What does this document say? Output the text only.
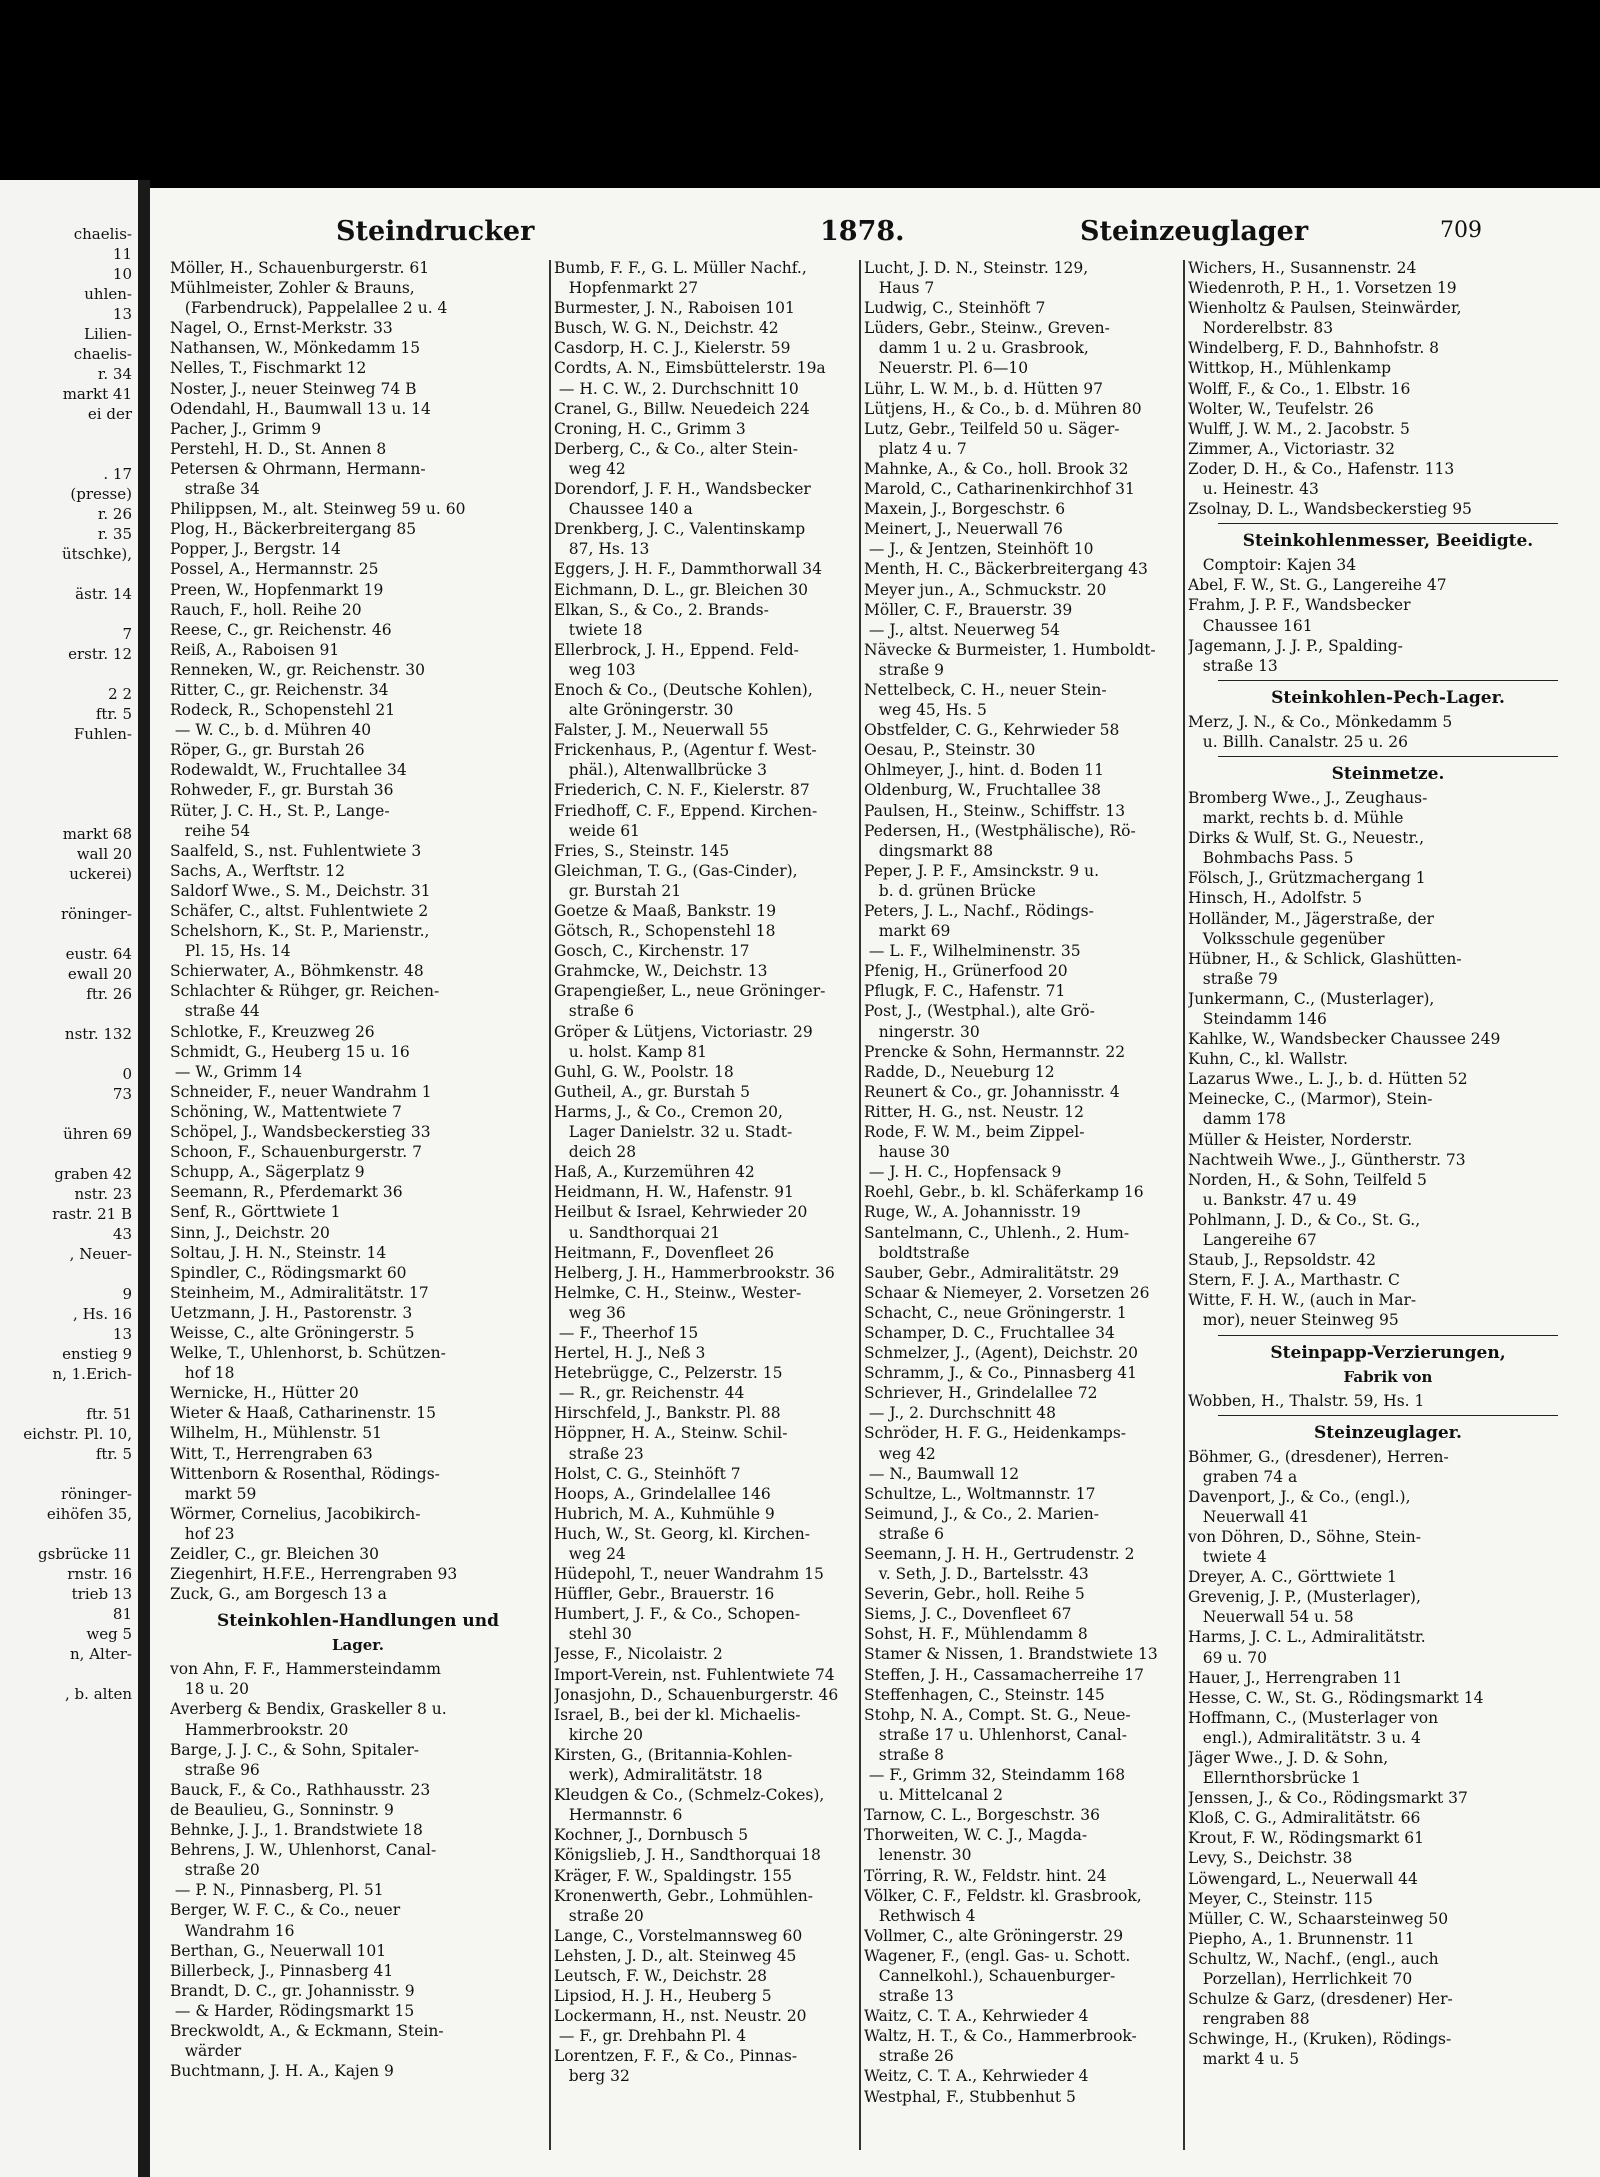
chaelis-
11
10
uhlen-
13
Lilien-
chaelis-
r. 34
markt 41
ei der
. 17
(presse)
r. 26
r. 35
ütschke),
ästr. 14
7
erstr. 12
2 2
ftr. 5
Fuhlen-
markt 68
wall 20
uckerei)
röninger-
eustr. 64
ewall 20
ftr. 26
nstr. 132
0
73
ühren 69
graben 42
nstr. 23
rastr. 21 B
43
, Neuer-
9
, Hs. 16
13
enstieg 9
n, 1.Erich-
ftr. 51
eichstr. Pl. 10,
ftr. 5
röninger-
eihöfen 35,
gsbrücke 11
rnstr. 16
trieb 13
81
weg 5
n, Alter-
, b. alten
Steindrucker	1878.	Steinzeuglager	709
Möller, H., Schauenburgerstr. 61
Mühlmeister, Zohler & Brauns,
(Farbendruck), Pappelallee 2 u. 4
Nagel, O., Ernst-Merkstr. 33
Nathansen, W., Mönkedamm 15
Nelles, T., Fischmarkt 12
Noster, J., neuer Steinweg 74 B
Odendahl, H., Baumwall 13 u. 14
Pacher, J., Grimm 9
Perstehl, H. D., St. Annen 8
Petersen & Ohrmann, Hermann-
straße 34
Philippsen, M., alt. Steinweg 59 u. 60
Plog, H., Bäckerbreitergang 85
Popper, J., Bergstr. 14
Possel, A., Hermannstr. 25
Preen, W., Hopfenmarkt 19
Rauch, F., holl. Reihe 20
Reese, C., gr. Reichenstr. 46
Reiß, A., Raboisen 91
Renneken, W., gr. Reichenstr. 30
Ritter, C., gr. Reichenstr. 34
Rodeck, R., Schopenstehl 21
— W. C., b. d. Mühren 40
Röper, G., gr. Burstah 26
Rodewaldt, W., Fruchtallee 34
Rohweder, F., gr. Burstah 36
Rüter, J. C. H., St. P., Lange-
reihe 54
Saalfeld, S., nst. Fuhlentwiete 3
Sachs, A., Werftstr. 12
Saldorf Wwe., S. M., Deichstr. 31
Schäfer, C., altst. Fuhlentwiete 2
Schelshorn, K., St. P., Marienstr.,
Pl. 15, Hs. 14
Schierwater, A., Böhmkenstr. 48
Schlachter & Rühger, gr. Reichen-
straße 44
Schlotke, F., Kreuzweg 26
Schmidt, G., Heuberg 15 u. 16
— W., Grimm 14
Schneider, F., neuer Wandrahm 1
Schöning, W., Mattentwiete 7
Schöpel, J., Wandsbeckerstieg 33
Schoon, F., Schauenburgerstr. 7
Schupp, A., Sägerplatz 9
Seemann, R., Pferdemarkt 36
Senf, R., Görttwiete 1
Sinn, J., Deichstr. 20
Soltau, J. H. N., Steinstr. 14
Spindler, C., Rödingsmarkt 60
Steinheim, M., Admiralitätstr. 17
Uetzmann, J. H., Pastorenstr. 3
Weisse, C., alte Gröningerstr. 5
Welke, T., Uhlenhorst, b. Schützen-
hof 18
Wernicke, H., Hütter 20
Wieter & Haaß, Catharinenstr. 15
Wilhelm, H., Mühlenstr. 51
Witt, T., Herrengraben 63
Wittenborn & Rosenthal, Rödings-
markt 59
Wörmer, Cornelius, Jacobikirch-
hof 23
Zeidler, C., gr. Bleichen 30
Ziegenhirt, H.F.E., Herrengraben 93
Zuck, G., am Borgesch 13 a
Steinkohlen-Handlungen und
Lager.
von Ahn, F. F., Hammersteindamm
18 u. 20
Averberg & Bendix, Graskeller 8 u.
Hammerbrookstr. 20
Barge, J. J. C., & Sohn, Spitaler-
straße 96
Bauck, F., & Co., Rathhausstr. 23
de Beaulieu, G., Sonninstr. 9
Behnke, J. J., 1. Brandstwiete 18
Behrens, J. W., Uhlenhorst, Canal-
straße 20
— P. N., Pinnasberg, Pl. 51
Berger, W. F. C., & Co., neuer
Wandrahm 16
Berthan, G., Neuerwall 101
Billerbeck, J., Pinnasberg 41
Brandt, D. C., gr. Johannisstr. 9
— & Harder, Rödingsmarkt 15
Breckwoldt, A., & Eckmann, Stein-
wärder
Buchtmann, J. H. A., Kajen 9
Bumb, F. F., G. L. Müller Nachf.,
Hopfenmarkt 27
Burmester, J. N., Raboisen 101
Busch, W. G. N., Deichstr. 42
Casdorp, H. C. J., Kielerstr. 59
Cordts, A. N., Eimsbüttelerstr. 19a
— H. C. W., 2. Durchschnitt 10
Cranel, G., Billw. Neuedeich 224
Croning, H. C., Grimm 3
Derberg, C., & Co., alter Stein-
weg 42
Dorendorf, J. F. H., Wandsbecker
Chaussee 140 a
Drenkberg, J. C., Valentinskamp
87, Hs. 13
Eggers, J. H. F., Dammthorwall 34
Eichmann, D. L., gr. Bleichen 30
Elkan, S., & Co., 2. Brands-
twiete 18
Ellerbrock, J. H., Eppend. Feld-
weg 103
Enoch & Co., (Deutsche Kohlen),
alte Gröningerstr. 30
Falster, J. M., Neuerwall 55
Frickenhaus, P., (Agentur f. West-
phäl.), Altenwallbrücke 3
Friederich, C. N. F., Kielerstr. 87
Friedhoff, C. F., Eppend. Kirchen-
weide 61
Fries, S., Steinstr. 145
Gleichman, T. G., (Gas-Cinder),
gr. Burstah 21
Goetze & Maaß, Bankstr. 19
Götsch, R., Schopenstehl 18
Gosch, C., Kirchenstr. 17
Grahmcke, W., Deichstr. 13
Grapengießer, L., neue Gröninger-
straße 6
Gröper & Lütjens, Victoriastr. 29
u. holst. Kamp 81
Guhl, G. W., Poolstr. 18
Gutheil, A., gr. Burstah 5
Harms, J., & Co., Cremon 20,
Lager Danielstr. 32 u. Stadt-
deich 28
Haß, A., Kurzemühren 42
Heidmann, H. W., Hafenstr. 91
Heilbut & Israel, Kehrwieder 20
u. Sandthorquai 21
Heitmann, F., Dovenfleet 26
Helberg, J. H., Hammerbrookstr. 36
Helmke, C. H., Steinw., Wester-
weg 36
— F., Theerhof 15
Hertel, H. J., Neß 3
Hetebrügge, C., Pelzerstr. 15
— R., gr. Reichenstr. 44
Hirschfeld, J., Bankstr. Pl. 88
Höppner, H. A., Steinw. Schil-
straße 23
Holst, C. G., Steinhöft 7
Hoops, A., Grindelallee 146
Hubrich, M. A., Kuhmühle 9
Huch, W., St. Georg, kl. Kirchen-
weg 24
Hüdepohl, T., neuer Wandrahm 15
Hüffler, Gebr., Brauerstr. 16
Humbert, J. F., & Co., Schopen-
stehl 30
Jesse, F., Nicolaistr. 2
Import-Verein, nst. Fuhlentwiete 74
Jonasjohn, D., Schauenburgerstr. 46
Israel, B., bei der kl. Michaelis-
kirche 20
Kirsten, G., (Britannia-Kohlen-
werk), Admiralitätstr. 18
Kleudgen & Co., (Schmelz-Cokes),
Hermannstr. 6
Kochner, J., Dornbusch 5
Königslieb, J. H., Sandthorquai 18
Kräger, F. W., Spaldingstr. 155
Kronenwerth, Gebr., Lohmühlen-
straße 20
Lange, C., Vorstelmannsweg 60
Lehsten, J. D., alt. Steinweg 45
Leutsch, F. W., Deichstr. 28
Lipsiod, H. J. H., Heuberg 5
Lockermann, H., nst. Neustr. 20
— F., gr. Drehbahn Pl. 4
Lorentzen, F. F., & Co., Pinnas-
berg 32
Lucht, J. D. N., Steinstr. 129,
Haus 7
Ludwig, C., Steinhöft 7
Lüders, Gebr., Steinw., Greven-
damm 1 u. 2 u. Grasbrook,
Neuerstr. Pl. 6—10
Lühr, L. W. M., b. d. Hütten 97
Lütjens, H., & Co., b. d. Mühren 80
Lutz, Gebr., Teilfeld 50 u. Säger-
platz 4 u. 7
Mahnke, A., & Co., holl. Brook 32
Marold, C., Catharinenkirchhof 31
Maxein, J., Borgeschstr. 6
Meinert, J., Neuerwall 76
— J., & Jentzen, Steinhöft 10
Menth, H. C., Bäckerbreitergang 43
Meyer jun., A., Schmuckstr. 20
Möller, C. F., Brauerstr. 39
— J., altst. Neuerweg 54
Nävecke & Burmeister, 1. Humboldt-
straße 9
Nettelbeck, C. H., neuer Stein-
weg 45, Hs. 5
Obstfelder, C. G., Kehrwieder 58
Oesau, P., Steinstr. 30
Ohlmeyer, J., hint. d. Boden 11
Oldenburg, W., Fruchtallee 38
Paulsen, H., Steinw., Schiffstr. 13
Pedersen, H., (Westphälische), Rö-
dingsmarkt 88
Peper, J. P. F., Amsinckstr. 9 u.
b. d. grünen Brücke
Peters, J. L., Nachf., Rödings-
markt 69
— L. F., Wilhelminenstr. 35
Pfenig, H., Grünerfood 20
Pflugk, F. C., Hafenstr. 71
Post, J., (Westphal.), alte Grö-
ningerstr. 30
Prencke & Sohn, Hermannstr. 22
Radde, D., Neueburg 12
Reunert & Co., gr. Johannisstr. 4
Ritter, H. G., nst. Neustr. 12
Rode, F. W. M., beim Zippel-
hause 30
— J. H. C., Hopfensack 9
Roehl, Gebr., b. kl. Schäferkamp 16
Ruge, W., A. Johannisstr. 19
Santelmann, C., Uhlenh., 2. Hum-
boldtstraße
Sauber, Gebr., Admiralitätstr. 29
Schaar & Niemeyer, 2. Vorsetzen 26
Schacht, C., neue Gröningerstr. 1
Schamper, D. C., Fruchtallee 34
Schmelzer, J., (Agent), Deichstr. 20
Schramm, J., & Co., Pinnasberg 41
Schriever, H., Grindelallee 72
— J., 2. Durchschnitt 48
Schröder, H. F. G., Heidenkamps-
weg 42
— N., Baumwall 12
Schultze, L., Woltmannstr. 17
Seimund, J., & Co., 2. Marien-
straße 6
Seemann, J. H. H., Gertrudenstr. 2
v. Seth, J. D., Bartelsstr. 43
Severin, Gebr., holl. Reihe 5
Siems, J. C., Dovenfleet 67
Sohst, H. F., Mühlendamm 8
Stamer & Nissen, 1. Brandstwiete 13
Steffen, J. H., Cassamacherreihe 17
Steffenhagen, C., Steinstr. 145
Stohp, N. A., Compt. St. G., Neue-
straße 17 u. Uhlenhorst, Canal-
straße 8
— F., Grimm 32, Steindamm 168
u. Mittelcanal 2
Tarnow, C. L., Borgeschstr. 36
Thorweiten, W. C. J., Magda-
lenenstr. 30
Törring, R. W., Feldstr. hint. 24
Völker, C. F., Feldstr. kl. Grasbrook,
Rethwisch 4
Vollmer, C., alte Gröningerstr. 29
Wagener, F., (engl. Gas- u. Schott.
Cannelkohl.), Schauenburger-
straße 13
Waitz, C. T. A., Kehrwieder 4
Waltz, H. T., & Co., Hammerbrook-
straße 26
Weitz, C. T. A., Kehrwieder 4
Westphal, F., Stubbenhut 5
Wichers, H., Susannenstr. 24
Wiedenroth, P. H., 1. Vorsetzen 19
Wienholtz & Paulsen, Steinwärder,
Norderelbstr. 83
Windelberg, F. D., Bahnhofstr. 8
Wittkop, H., Mühlenkamp
Wolff, F., & Co., 1. Elbstr. 16
Wolter, W., Teufelstr. 26
Wulff, J. W. M., 2. Jacobstr. 5
Zimmer, A., Victoriastr. 32
Zoder, D. H., & Co., Hafenstr. 113
u. Heinestr. 43
Zsolnay, D. L., Wandsbeckerstieg 95
Steinkohlenmesser, Beeidigte.
Comptoir: Kajen 34
Abel, F. W., St. G., Langereihe 47
Frahm, J. P. F., Wandsbecker
Chaussee 161
Jagemann, J. J. P., Spalding-
straße 13
Steinkohlen-Pech-Lager.
Merz, J. N., & Co., Mönkedamm 5
u. Billh. Canalstr. 25 u. 26
Steinmetze.
Bromberg Wwe., J., Zeughaus-
markt, rechts b. d. Mühle
Dirks & Wulf, St. G., Neuestr.,
Bohmbachs Pass. 5
Fölsch, J., Grützmachergang 1
Hinsch, H., Adolfstr. 5
Holländer, M., Jägerstraße, der
Volksschule gegenüber
Hübner, H., & Schlick, Glashütten-
straße 79
Junkermann, C., (Musterlager),
Steindamm 146
Kahlke, W., Wandsbecker Chaussee 249
Kuhn, C., kl. Wallstr.
Lazarus Wwe., L. J., b. d. Hütten 52
Meinecke, C., (Marmor), Stein-
damm 178
Müller & Heister, Norderstr.
Nachtweih Wwe., J., Güntherstr. 73
Norden, H., & Sohn, Teilfeld 5
u. Bankstr. 47 u. 49
Pohlmann, J. D., & Co., St. G.,
Langereihe 67
Staub, J., Repsoldstr. 42
Stern, F. J. A., Marthastr. C
Witte, F. H. W., (auch in Mar-
mor), neuer Steinweg 95
Steinpapp-Verzierungen,
Fabrik von
Wobben, H., Thalstr. 59, Hs. 1
Steinzeuglager.
Böhmer, G., (dresdener), Herren-
graben 74 a
Davenport, J., & Co., (engl.),
Neuerwall 41
von Döhren, D., Söhne, Stein-
twiete 4
Dreyer, A. C., Görttwiete 1
Grevenig, J. P., (Musterlager),
Neuerwall 54 u. 58
Harms, J. C. L., Admiralitätstr.
69 u. 70
Hauer, J., Herrengraben 11
Hesse, C. W., St. G., Rödingsmarkt 14
Hoffmann, C., (Musterlager von
engl.), Admiralitätstr. 3 u. 4
Jäger Wwe., J. D. & Sohn,
Ellernthorsbrücke 1
Jenssen, J., & Co., Rödingsmarkt 37
Kloß, C. G., Admiralitätstr. 66
Krout, F. W., Rödingsmarkt 61
Levy, S., Deichstr. 38
Löwengard, L., Neuerwall 44
Meyer, C., Steinstr. 115
Müller, C. W., Schaarsteinweg 50
Piepho, A., 1. Brunnenstr. 11
Schultz, W., Nachf., (engl., auch
Porzellan), Herrlichkeit 70
Schulze & Garz, (dresdener) Her-
rengraben 88
Schwinge, H., (Kruken), Rödings-
markt 4 u. 5
